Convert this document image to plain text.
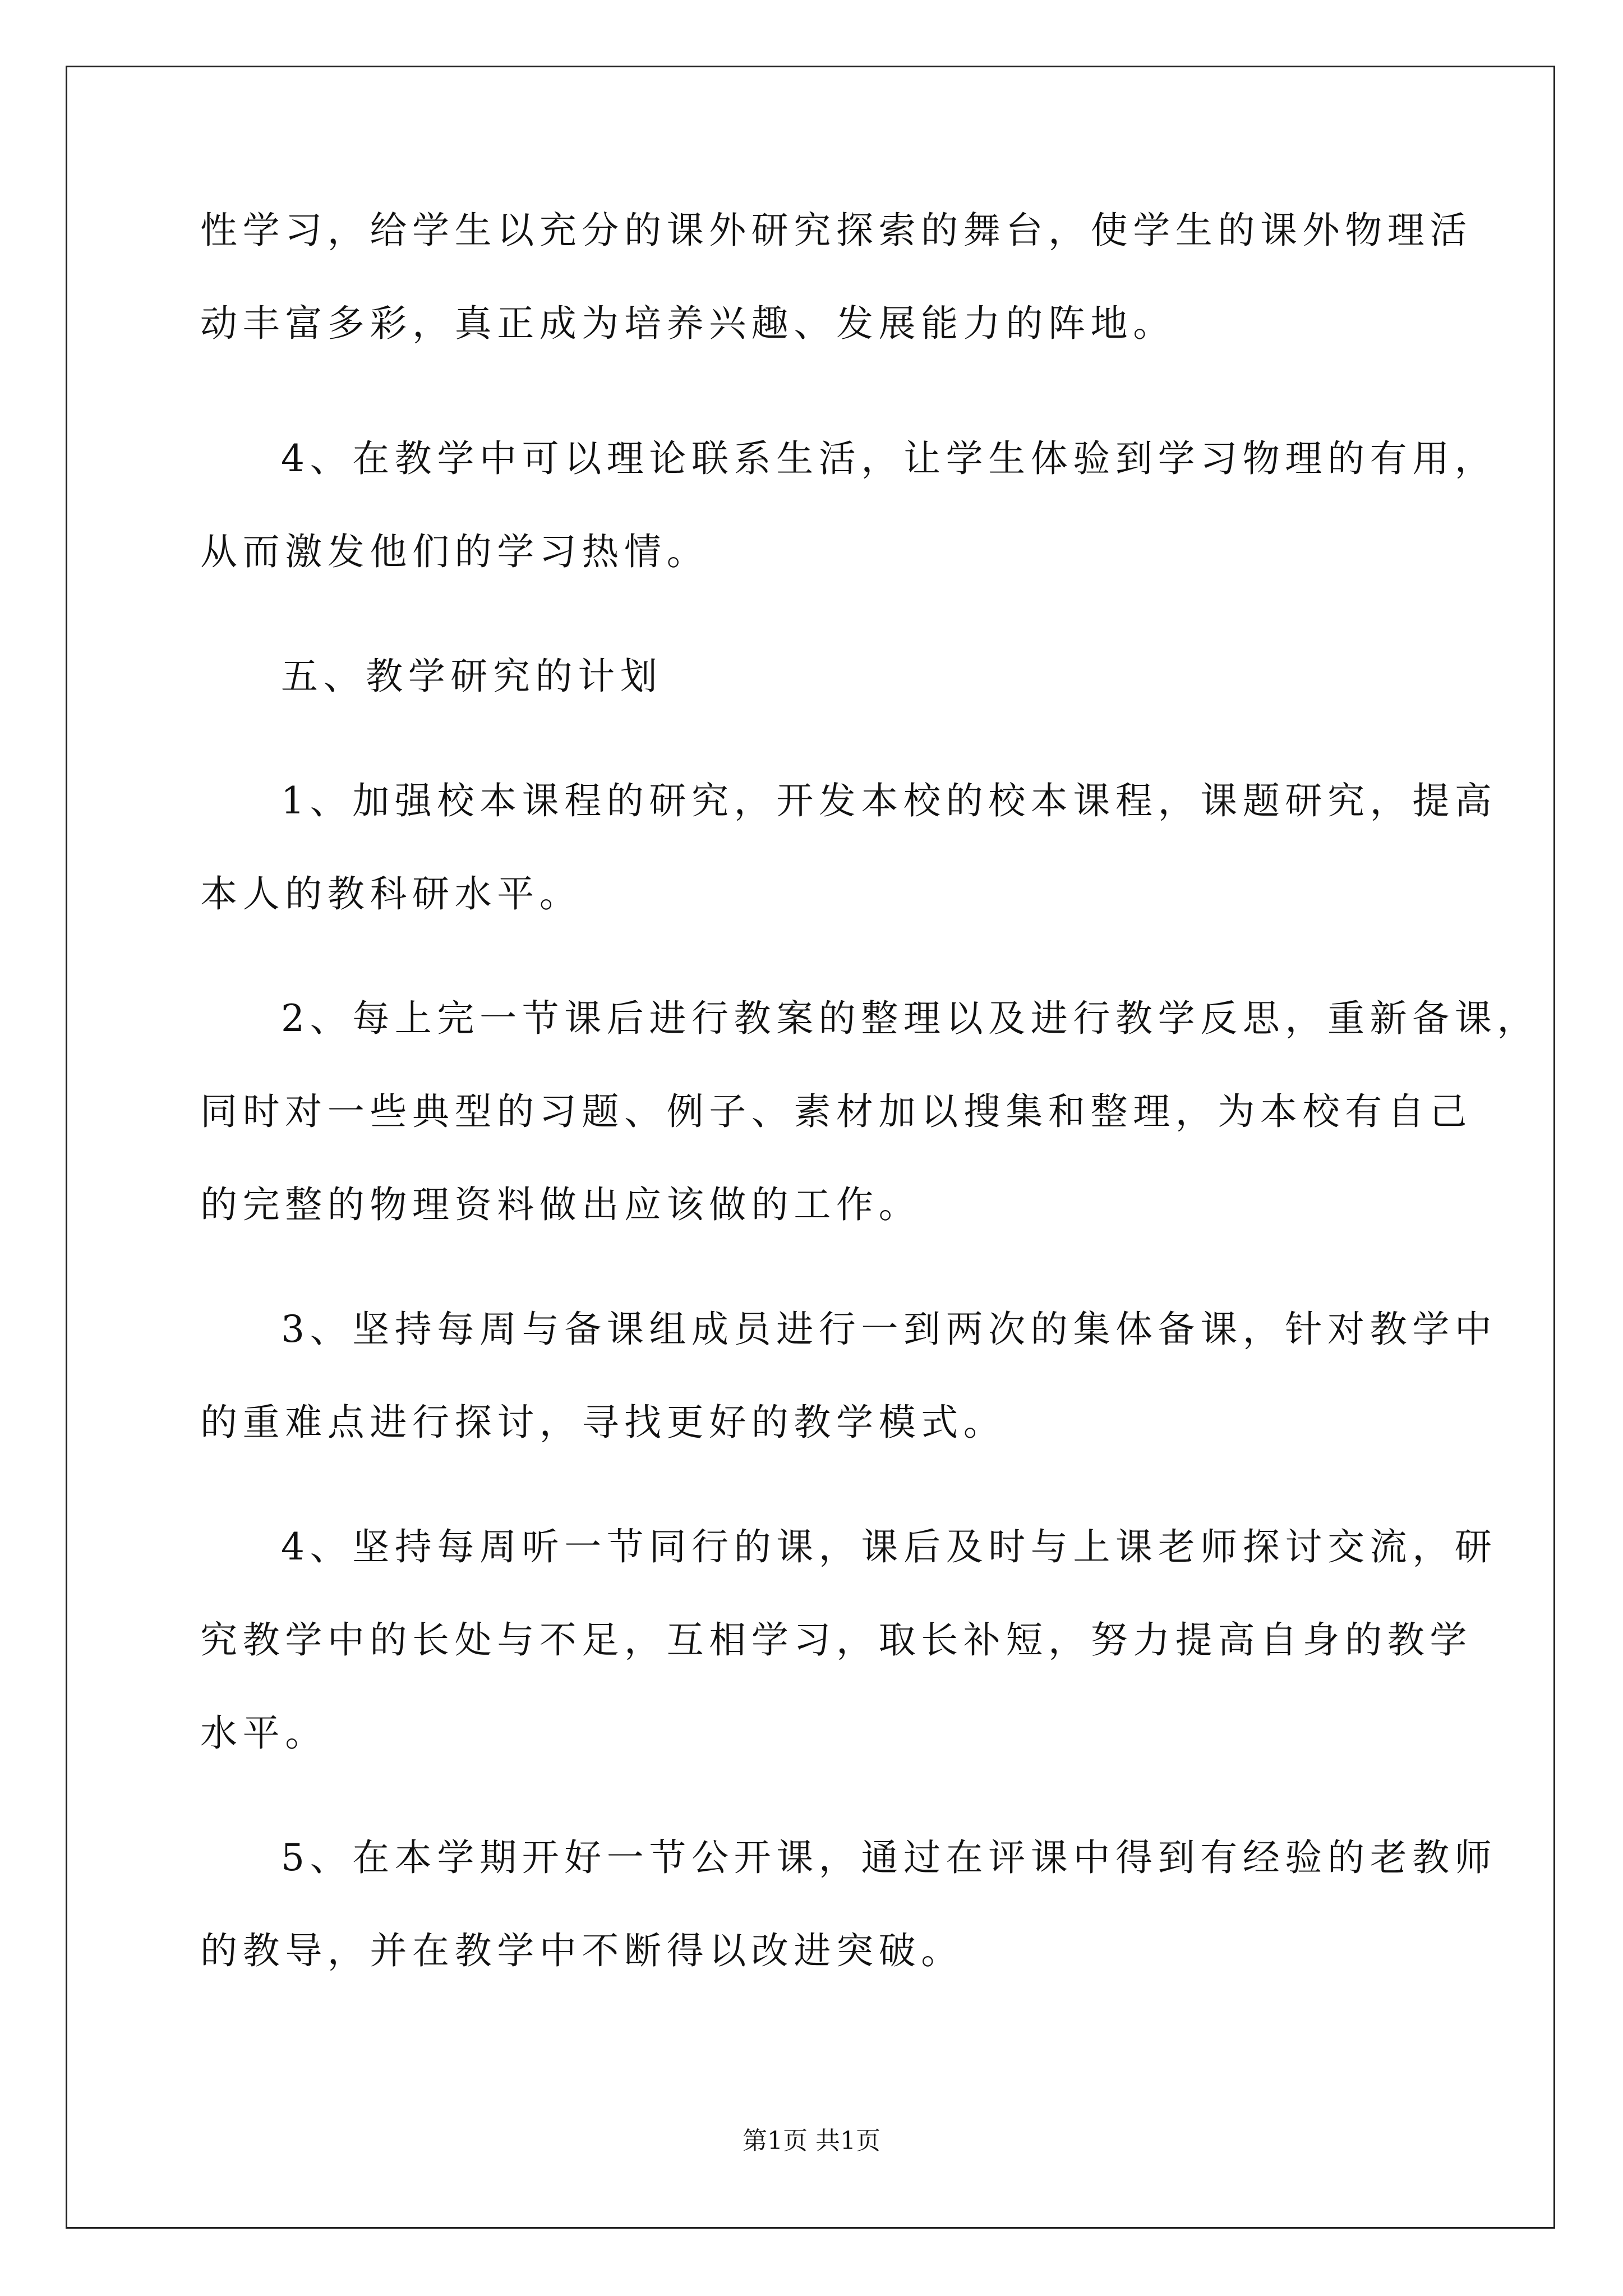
性学习，给学生以充分的课外研究探索的舞台，使学生的课外物理活
动丰富多彩，真正成为培养兴趣、发展能力的阵地。
4、在教学中可以理论联系生活，让学生体验到学习物理的有用，
从而激发他们的学习热情。
五、教学研究的计划
1、加强校本课程的研究，开发本校的校本课程，课题研究，提高
本人的教科研水平。
2、每上完一节课后进行教案的整理以及进行教学反思，重新备课，
同时对一些典型的习题、例子、素材加以搜集和整理，为本校有自己
的完整的物理资料做出应该做的工作。
3、坚持每周与备课组成员进行一到两次的集体备课，针对教学中
的重难点进行探讨，寻找更好的教学模式。
4、坚持每周听一节同行的课，课后及时与上课老师探讨交流，研
究教学中的长处与不足，互相学习，取长补短，努力提高自身的教学
水平。
5、在本学期开好一节公开课，通过在评课中得到有经验的老教师
的教导，并在教学中不断得以改进突破。
第1页 共1页
